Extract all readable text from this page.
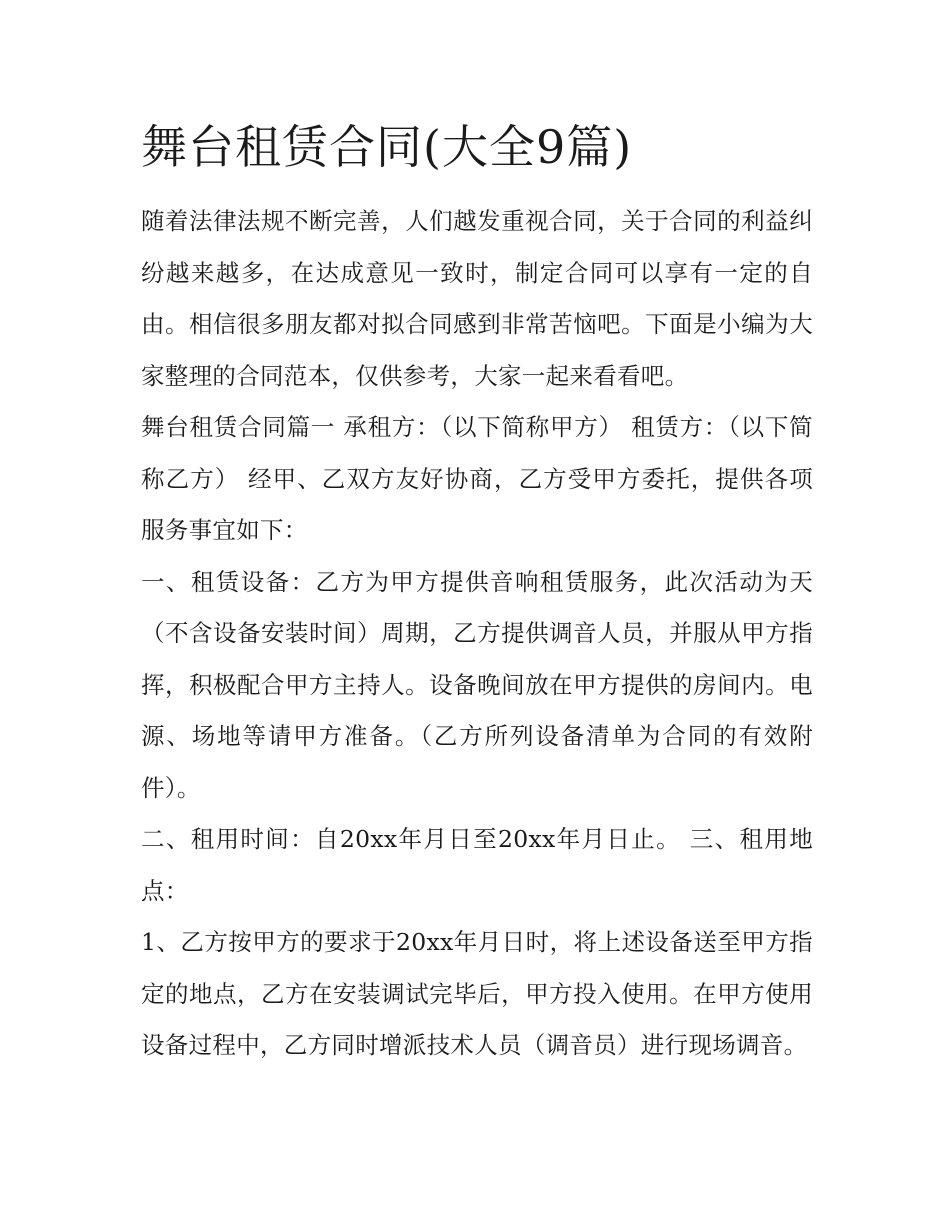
舞台租赁合同(大全9篇)

随着法律法规不断完善，人们越发重视合同，关于合同的利益纠纷越来越多，在达成意见一致时，制定合同可以享有一定的自由。相信很多朋友都对拟合同感到非常苦恼吧。下面是小编为大家整理的合同范本，仅供参考，大家一起来看看吧。

舞台租赁合同篇一 承租方：（以下简称甲方） 租赁方：（以下简称乙方） 经甲、乙双方友好协商，乙方受甲方委托，提供各项服务事宜如下：

一、租赁设备：乙方为甲方提供音响租赁服务，此次活动为天（不含设备安装时间）周期，乙方提供调音人员，并服从甲方指挥，积极配合甲方主持人。设备晚间放在甲方提供的房间内。电源、场地等请甲方准备。（乙方所列设备清单为合同的有效附件）。

二、租用时间：自20xx年月日至20xx年月日止。 三、租用地点：

1、乙方按甲方的要求于20xx年月日时，将上述设备送至甲方指定的地点，乙方在安装调试完毕后，甲方投入使用。在甲方使用设备过程中，乙方同时增派技术人员（调音员）进行现场调音。
